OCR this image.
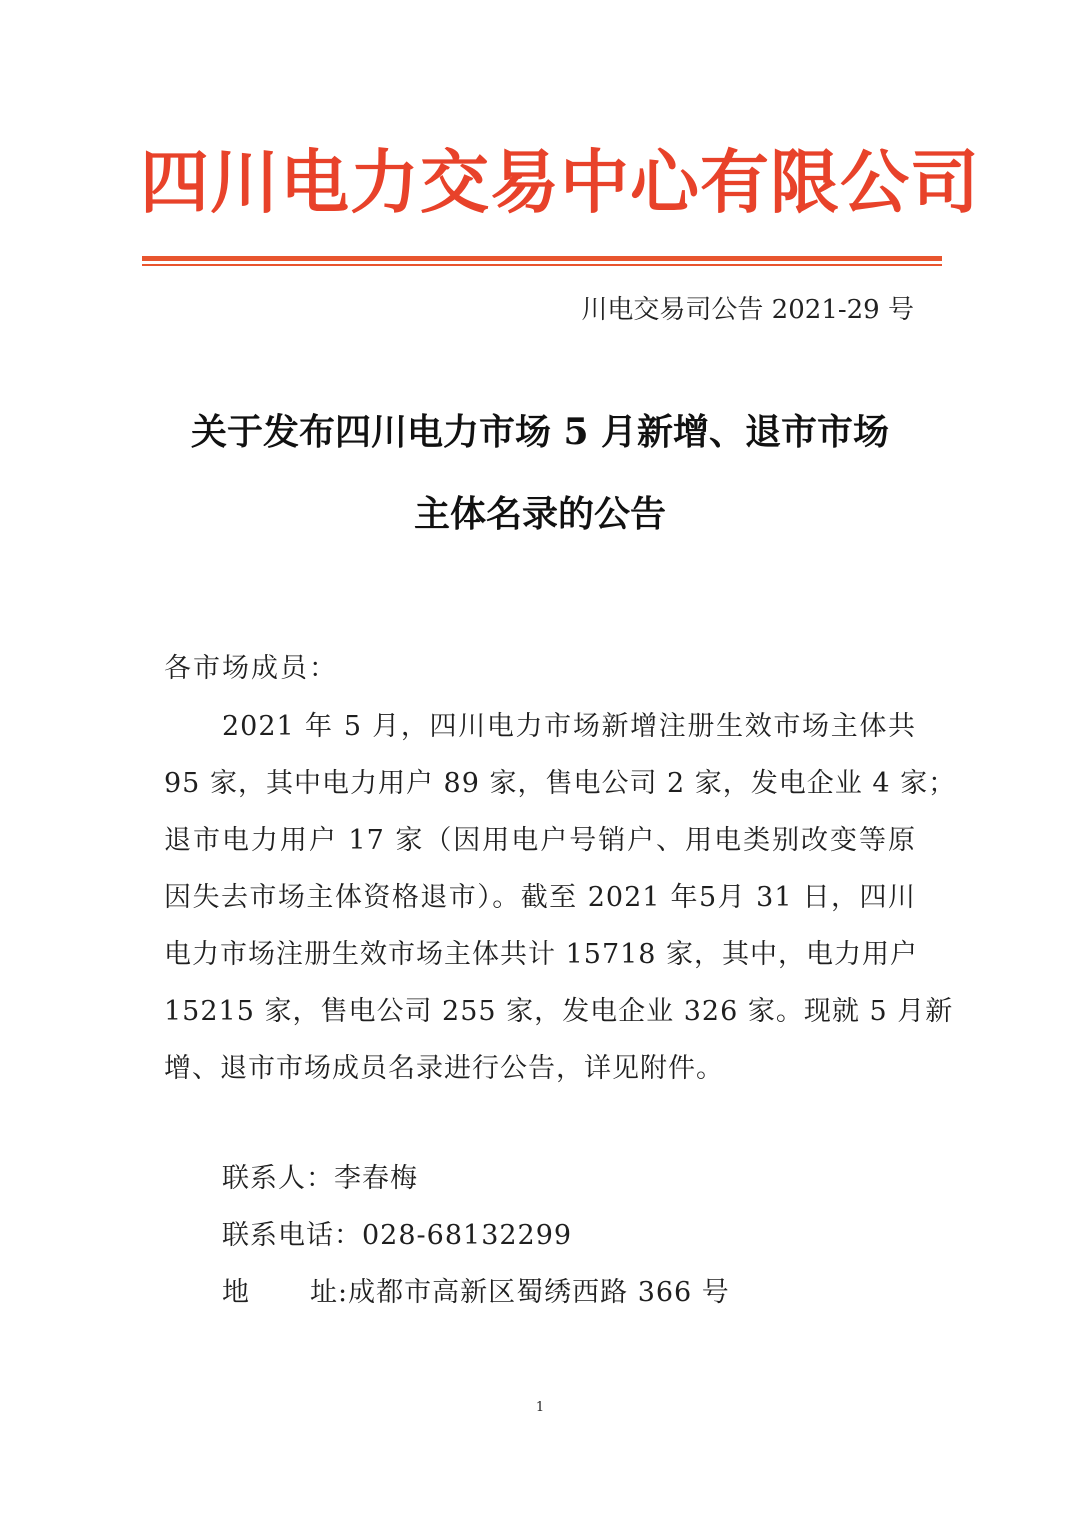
四川电力交易中心有限公司
川电交易司公告 2021-29 号
关于发布四川电力市场 5 月新增、退市市场
主体名录的公告
各市场成员：
2021 年 5 月，四川电力市场新增注册生效市场主体共
95 家，其中电力用户 89 家，售电公司 2 家，发电企业 4 家；
退市电力用户 17 家（因用电户号销户、用电类别改变等原
因失去市场主体资格退市）。截至 2021 年5月 31 日，四川
电力市场注册生效市场主体共计 15718 家，其中，电力用户
15215 家，售电公司 255 家，发电企业 326 家。现就 5 月新
增、退市市场成员名录进行公告，详见附件。
联系人：李春梅
联系电话：028-68132299
地 址:成都市高新区蜀绣西路 366 号
1
